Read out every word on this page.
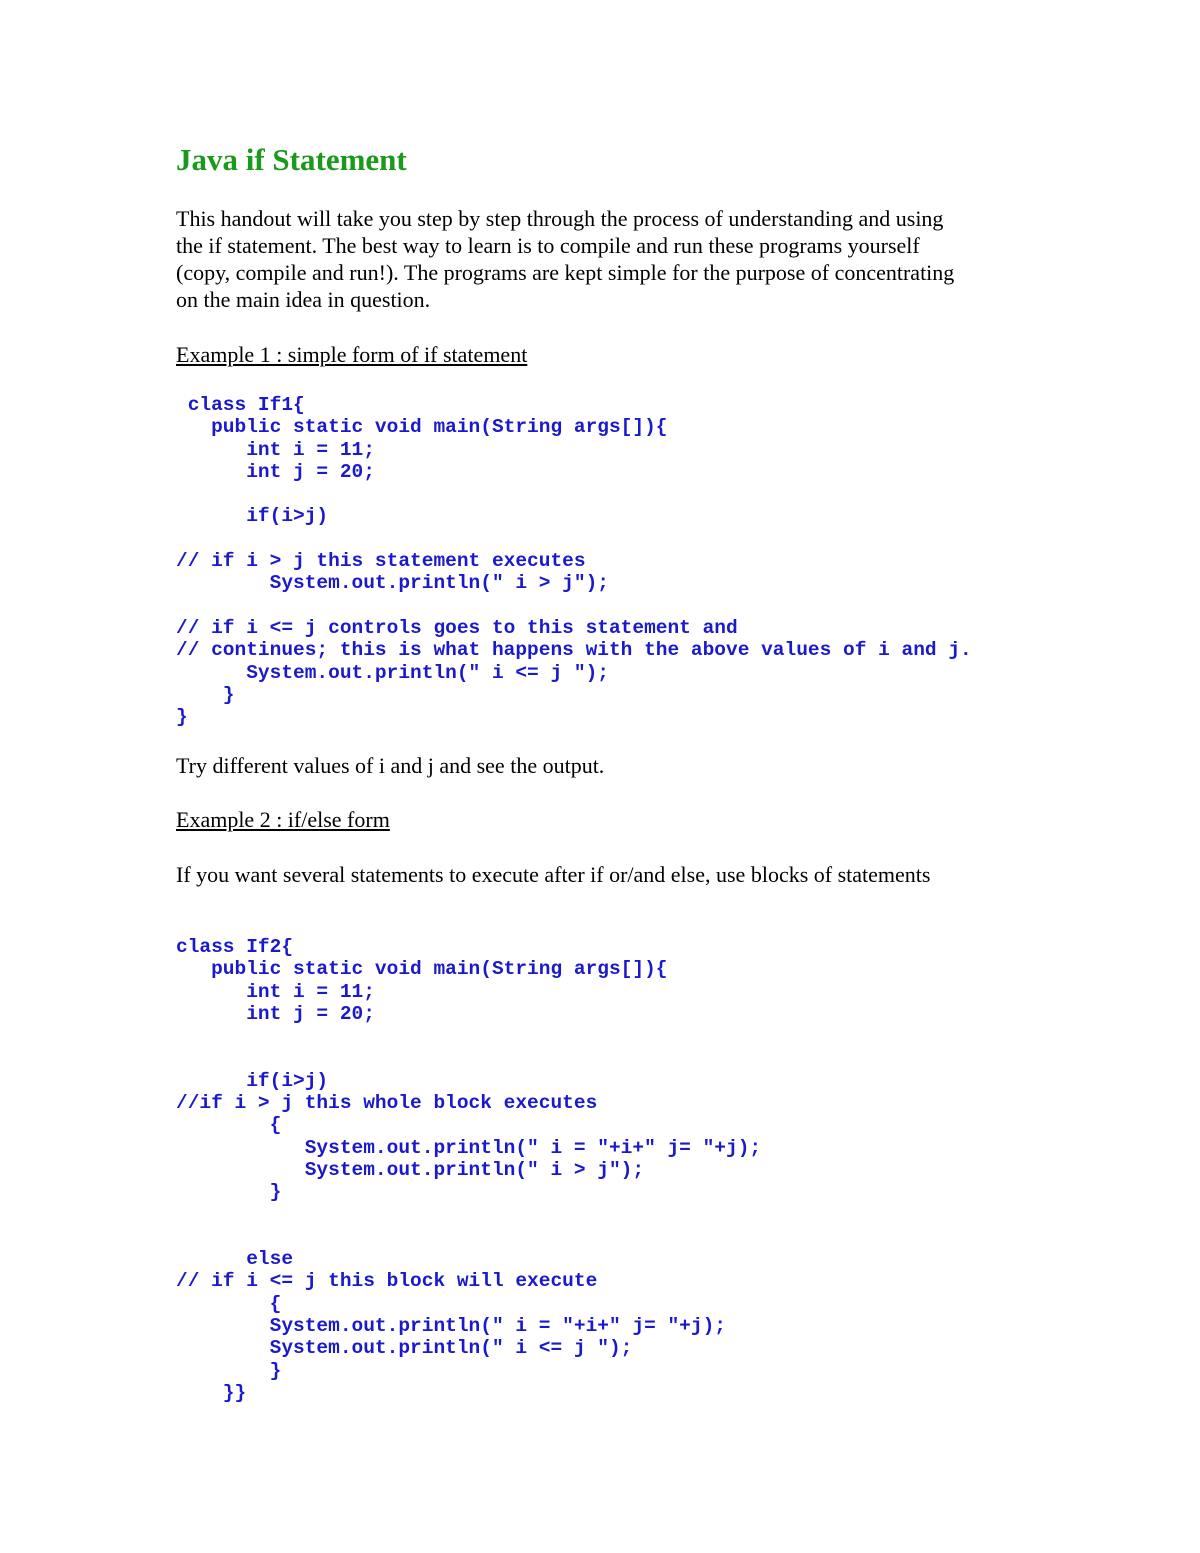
Java if Statement
This handout will take you step by step through the process of understanding and using
the if statement. The best way to learn is to compile and run these programs yourself
(copy, compile and run!). The programs are kept simple for the purpose of concentrating
on the main idea in question.
Example 1 : simple form of if statement
class If1{
public static void main(String args[]){
int i = 11;
int j = 20;
if(i>j)
// if i > j this statement executes
System.out.println(" i > j");
// if i <= j controls goes to this statement and
// continues; this is what happens with the above values of i and j.
System.out.println(" i <= j ");
}
}
Try different values of i and j and see the output.
Example 2 : if/else form
If you want several statements to execute after if or/and else, use blocks of statements
class If2{
public static void main(String args[]){
int i = 11;
int j = 20;
if(i>j)
//if i > j this whole block executes
{
System.out.println(" i = "+i+" j= "+j);
System.out.println(" i > j");
}
else
// if i <= j this block will execute
{
System.out.println(" i = "+i+" j= "+j);
System.out.println(" i <= j ");
}
}}
